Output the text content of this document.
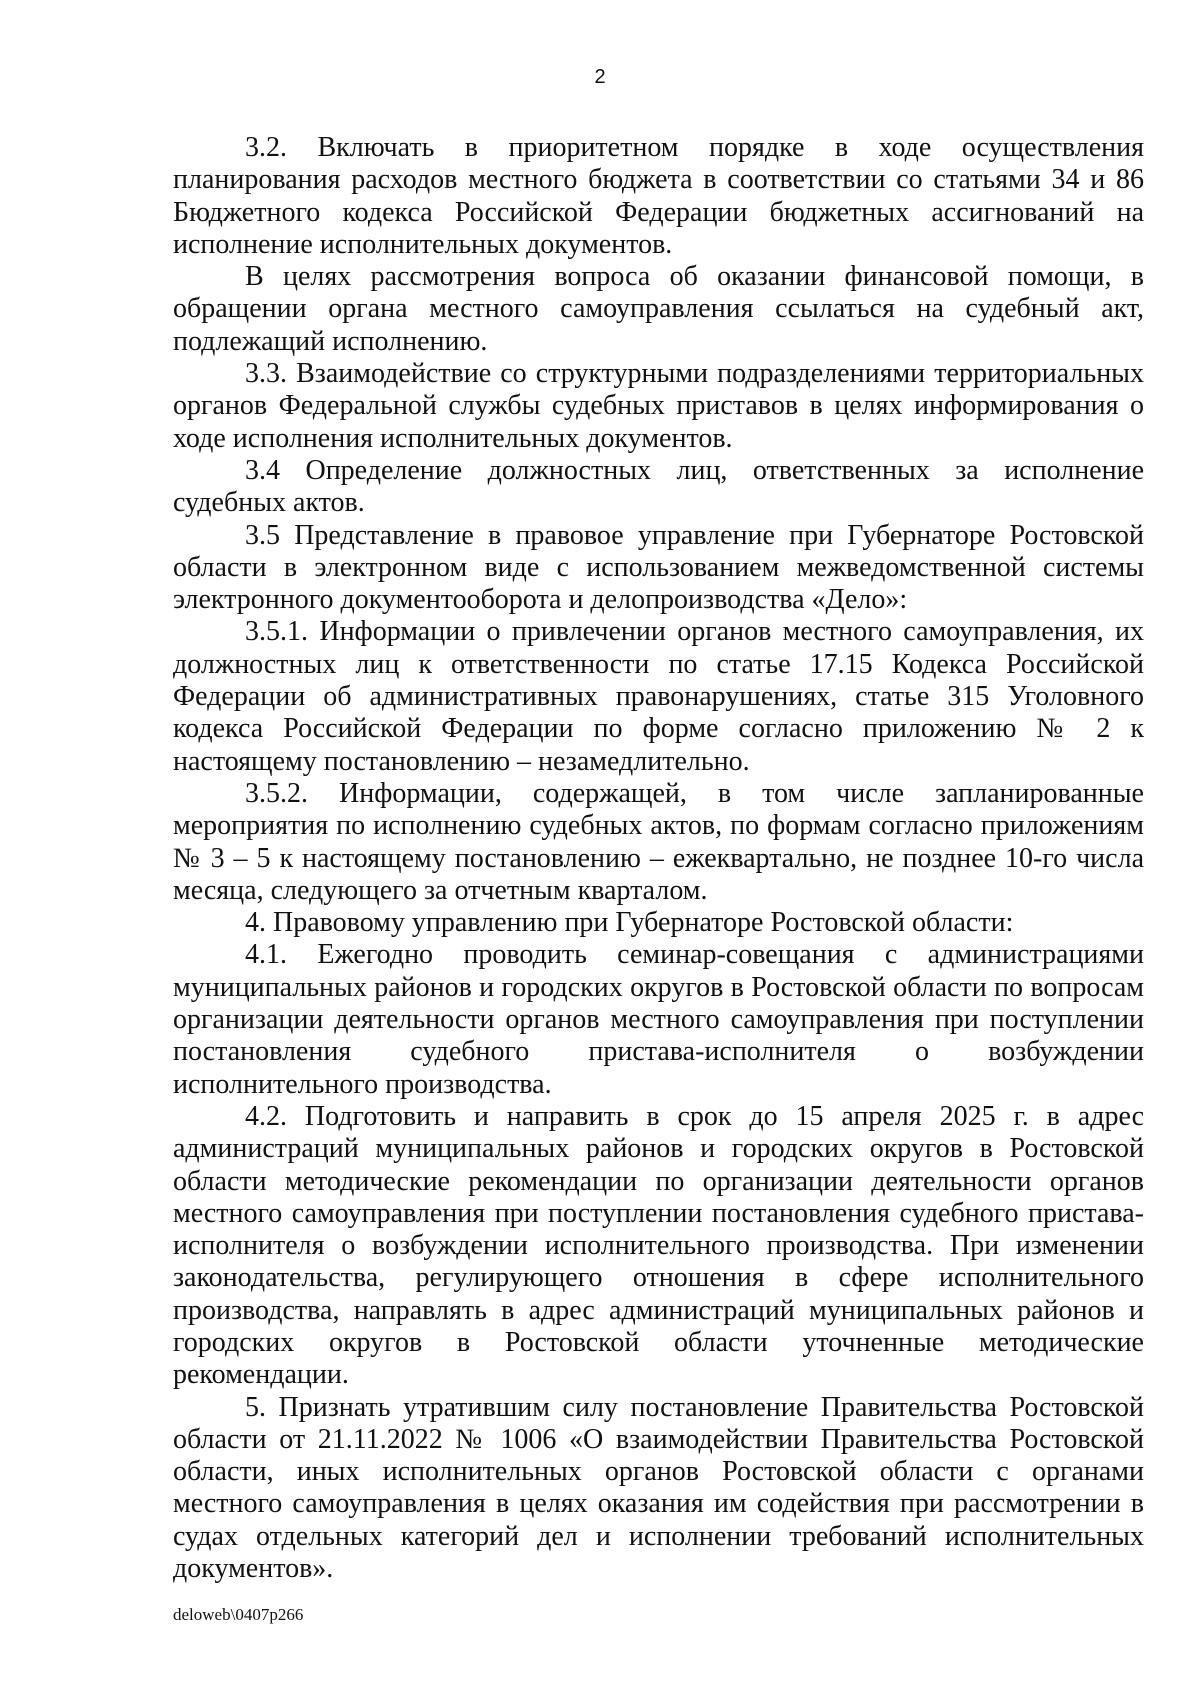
2

3.2. Включать в приоритетном порядке в ходе осуществления планирования расходов местного бюджета в соответствии со статьями 34 и 86 Бюджетного кодекса Российской Федерации бюджетных ассигнований на исполнение исполнительных документов.

В целях рассмотрения вопроса об оказании финансовой помощи, в обращении органа местного самоуправления ссылаться на судебный акт, подлежащий исполнению.

3.3. Взаимодействие со структурными подразделениями территориальных органов Федеральной службы судебных приставов в целях информирования о ходе исполнения исполнительных документов.

3.4 Определение должностных лиц, ответственных за исполнение судебных актов.

3.5 Представление в правовое управление при Губернаторе Ростовской области в электронном виде с использованием межведомственной системы электронного документооборота и делопроизводства «Дело»:

3.5.1. Информации о привлечении органов местного самоуправления, их должностных лиц к ответственности по статье 17.15 Кодекса Российской Федерации об административных правонарушениях, статье 315 Уголовного кодекса Российской Федерации по форме согласно приложению № 2 к настоящему постановлению – незамедлительно.

3.5.2. Информации, содержащей, в том числе запланированные мероприятия по исполнению судебных актов, по формам согласно приложениям № 3 – 5 к настоящему постановлению – ежеквартально, не позднее 10-го числа месяца, следующего за отчетным кварталом.

4. Правовому управлению при Губернаторе Ростовской области:

4.1. Ежегодно проводить семинар-совещания с администрациями муниципальных районов и городских округов в Ростовской области по вопросам организации деятельности органов местного самоуправления при поступлении постановления судебного пристава-исполнителя о возбуждении исполнительного производства.

4.2. Подготовить и направить в срок до 15 апреля 2025 г. в адрес администраций муниципальных районов и городских округов в Ростовской области методические рекомендации по организации деятельности органов местного самоуправления при поступлении постановления судебного пристава-исполнителя о возбуждении исполнительного производства. При изменении законодательства, регулирующего отношения в сфере исполнительного производства, направлять в адрес администраций муниципальных районов и городских округов в Ростовской области уточненные методические рекомендации.

5. Признать утратившим силу постановление Правительства Ростовской области от 21.11.2022 № 1006 «О взаимодействии Правительства Ростовской области, иных исполнительных органов Ростовской области с органами местного самоуправления в целях оказания им содействия при рассмотрении в судах отдельных категорий дел и исполнении требований исполнительных документов».

deloweb\0407p266
